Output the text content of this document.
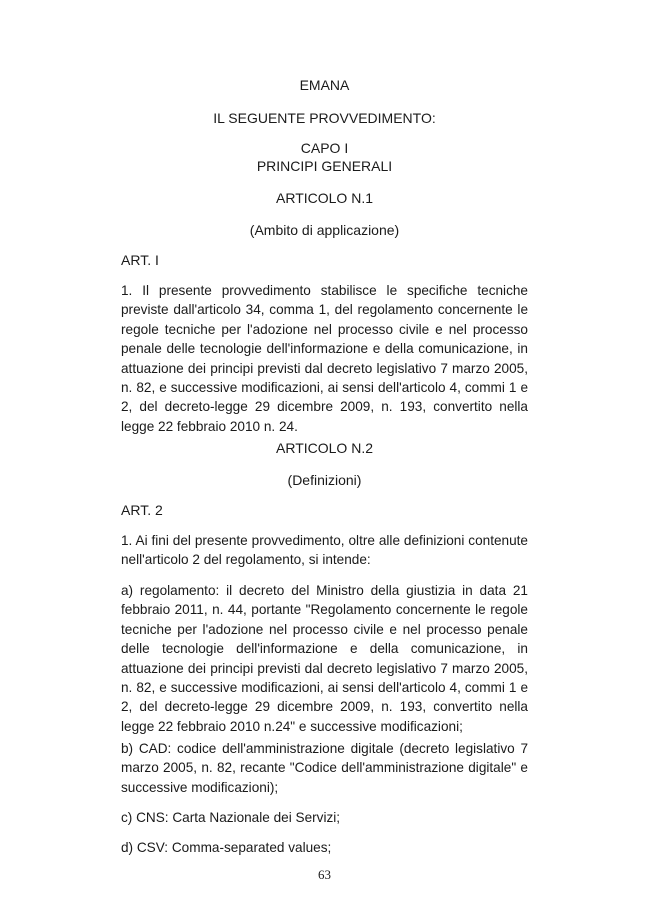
EMANA
IL SEGUENTE PROVVEDIMENTO:
CAPO I
PRINCIPI GENERALI
ARTICOLO N.1
(Ambito di applicazione)
ART. I
1. Il presente provvedimento stabilisce le specifiche tecniche previste dall'articolo 34, comma 1, del regolamento concernente le regole tecniche per l'adozione nel processo civile e nel processo penale delle tecnologie dell'informazione e della comunicazione, in attuazione dei principi previsti dal decreto legislativo 7 marzo 2005, n. 82, e successive modificazioni, ai sensi dell'articolo 4, commi 1 e 2, del decreto-legge 29 dicembre 2009, n. 193, convertito nella legge 22 febbraio 2010 n. 24.
ARTICOLO N.2
(Definizioni)
ART. 2
1. Ai fini del presente provvedimento, oltre alle definizioni contenute nell'articolo 2 del regolamento, si intende:
a) regolamento: il decreto del Ministro della giustizia in data 21 febbraio 2011, n. 44, portante "Regolamento concernente le regole tecniche per l'adozione nel processo civile e nel processo penale delle tecnologie dell'informazione e della comunicazione, in attuazione dei principi previsti dal decreto legislativo 7 marzo 2005, n. 82, e successive modificazioni, ai sensi dell'articolo 4, commi 1 e 2, del decreto-legge 29 dicembre 2009, n. 193, convertito nella legge 22 febbraio 2010 n.24" e successive modificazioni;
b) CAD: codice dell'amministrazione digitale (decreto legislativo 7 marzo 2005, n. 82, recante "Codice dell'amministrazione digitale" e successive modificazioni);
c) CNS: Carta Nazionale dei Servizi;
d) CSV: Comma-separated values;
63
